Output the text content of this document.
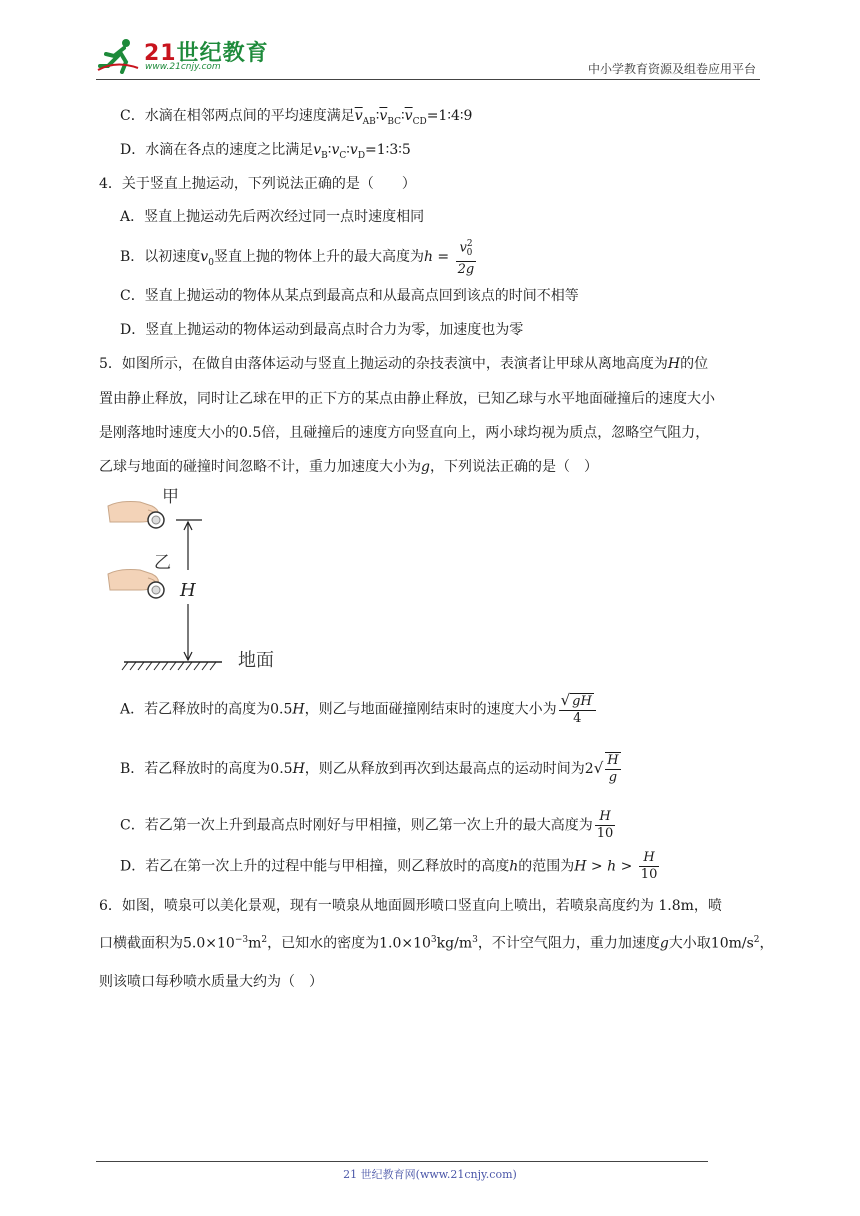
21世纪教育
www.21cnjy.com	中小学教育资源及组卷应用平台
C．水滴在相邻两点间的平均速度满足$\overline{v}_{AB}∶\overline{v}_{BC}∶\overline{v}_{CD}=1∶4∶9$
D．水滴在各点的速度之比满足$v_B∶v_C∶v_D=1∶3∶5$
4．关于竖直上抛运动，下列说法正确的是（　　）
A．竖直上抛运动先后两次经过同一点时速度相同
B．以初速度$v_0$竖直上抛的物体上升的最大高度为$h = \frac{v^2_0}{2g}$
C．竖直上抛运动的物体从某点到最高点和从最高点回到该点的时间不相等
D．竖直上抛运动的物体运动到最高点时合力为零，加速度也为零
5．如图所示，在做自由落体运动与竖直上抛运动的杂技表演中，表演者让甲球从离地高度为H的位
置由静止释放，同时让乙球在甲的正下方的某点由静止释放，已知乙球与水平地面碰撞后的速度大小
是刚落地时速度大小的0.5倍，且碰撞后的速度方向竖直向上，两小球均视为质点，忽略空气阻力，
乙球与地面的碰撞时间忽略不计，重力加速度大小为g，下列说法正确的是（　）
甲
乙
H
地面
A．若乙释放时的高度为0.5H，则乙与地面碰撞刚结束时的速度大小为 $\frac{√ gH}{4}$
B．若乙释放时的高度为0.5H，则乙从释放到再次到达最高点的运动时间为$2√ \frac{H}{g}$
C．若乙第一次上升到最高点时刚好与甲相撞，则乙第一次上升的最大高度为 $\frac{H}{10}$
D．若乙在第一次上升的过程中能与甲相撞，则乙释放时的高度h的范围为$H > h > \frac{H}{10}$
6．如图，喷泉可以美化景观，现有一喷泉从地面圆形喷口竖直向上喷出，若喷泉高度约为 1.8m，喷
口横截面积为$5.0\times 10^{-3}m^2$，已知水的密度为$1.0\times 10^3kg/m^3$，不计空气阻力，重力加速度g大小取$10m/s^2$，
则该喷口每秒喷水质量大约为（　）
21 世纪教育网(www.21cnjy.com)
